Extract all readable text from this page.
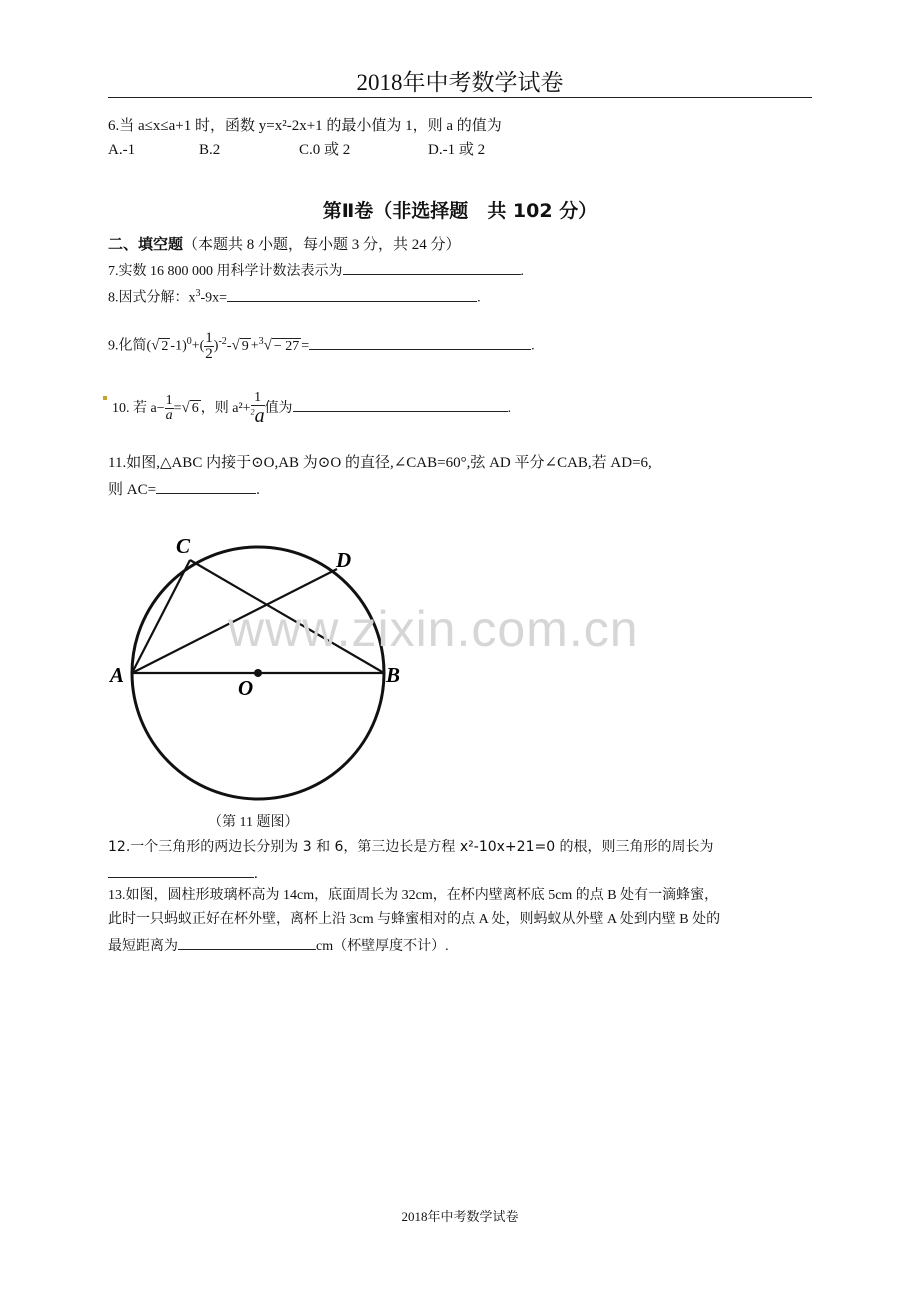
2018年中考数学试卷
6.当 a≤x≤a+1 时，函数 y=x²-2x+1 的最小值为 1，则 a 的值为
A.-1	B.2	C.0 或 2	D.-1 或 2
第Ⅱ卷（非选择题　共 102 分）
二、填空题（本题共 8 小题，每小题 3 分，共 24 分）
7.实数 16 800 000 用科学计数法表示为	.
8.因式分解：$x^3-9x=$	.
9.化简(√ 2 $-1)^0+( \frac{1}{2} )^{-2}-√$ 9 +$^3$√ − 27 =	.
10. 若 $a- \frac{1}{a}$ =√ 6 ，则 $a^2+ \frac{1}{^2a}$ 值为	.
11.如图,△ABC 内接于⊙O,AB 为⊙O 的直径,∠CAB=60°,弦 AD 平分∠CAB,若 AD=6,
则 AC=	.
C
D
A
O
B
（第 11 题图）
www.zixin.com.cn
12.一个三角形的两边长分别为 3 和 6，第三边长是方程 x²-10x+21=0 的根，则三角形的周长为
.
13.如图，圆柱形玻璃杯高为 14cm，底面周长为 32cm，在杯内壁离杯底 5cm 的点 B 处有一滴蜂蜜，
此时一只蚂蚁正好在杯外壁，离杯上沿 3cm 与蜂蜜相对的点 A 处，则蚂蚁从外壁 A 处到内壁 B 处的
最短距离为	cm（杯壁厚度不计）.
2018年中考数学试卷
